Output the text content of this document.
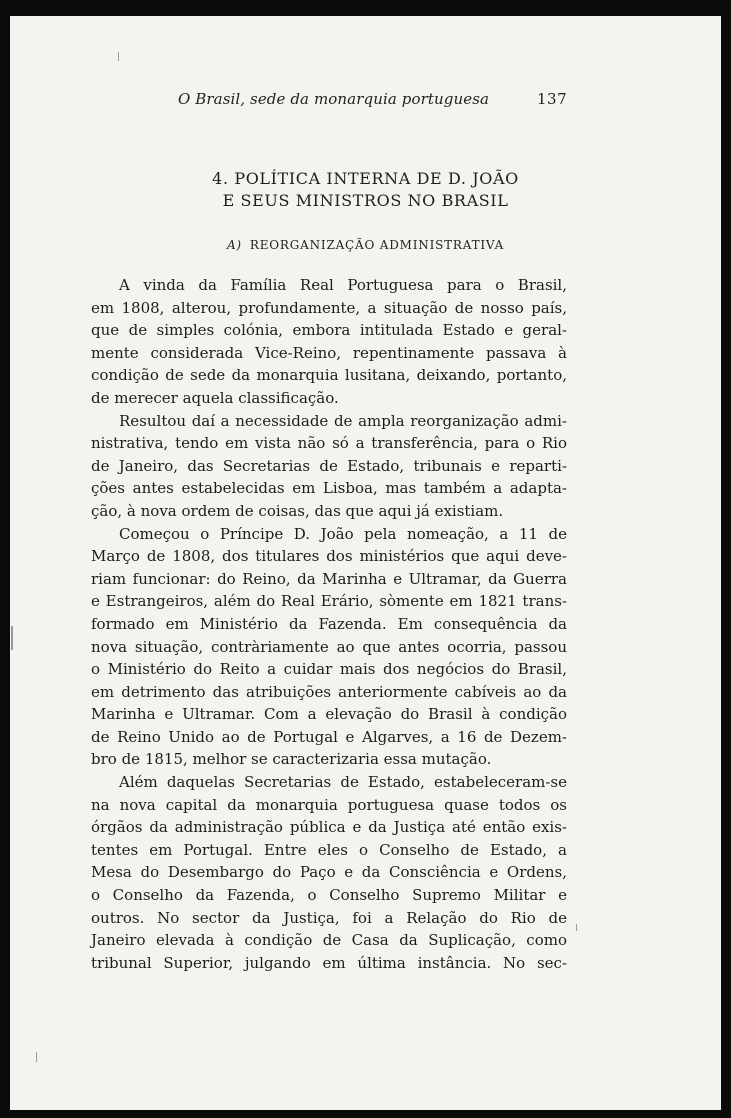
O Brasil, sede da monarquia portuguesa	137
4. POLÍTICA INTERNA DE D. JOÃO
E SEUS MINISTROS NO BRASIL
A) REORGANIZAÇÃO ADMINISTRATIVA
A vinda da Família Real Portuguesa para o Brasil,
em 1808, alterou, profundamente, a situação de nosso país,
que de simples colónia, embora intitulada Estado e geral-
mente considerada Vice-Reino, repentinamente passava à
condição de sede da monarquia lusitana, deixando, portanto,
de merecer aquela classificação.
Resultou daí a necessidade de ampla reorganização admi-
nistrativa, tendo em vista não só a transferência, para o Rio
de Janeiro, das Secretarias de Estado, tribunais e reparti-
ções antes estabelecidas em Lisboa, mas também a adapta-
ção, à nova ordem de coisas, das que aqui já existiam.
Começou o Príncipe D. João pela nomeação, a 11 de
Março de 1808, dos titulares dos ministérios que aqui deve-
riam funcionar: do Reino, da Marinha e Ultramar, da Guerra
e Estrangeiros, além do Real Erário, sòmente em 1821 trans-
formado em Ministério da Fazenda. Em consequência da
nova situação, contràriamente ao que antes ocorria, passou
o Ministério do Reito a cuidar mais dos negócios do Brasil,
em detrimento das atribuições anteriormente cabíveis ao da
Marinha e Ultramar. Com a elevação do Brasil à condição
de Reino Unido ao de Portugal e Algarves, a 16 de Dezem-
bro de 1815, melhor se caracterizaria essa mutação.
Além daquelas Secretarias de Estado, estabeleceram-se
na nova capital da monarquia portuguesa quase todos os
órgãos da administração pública e da Justiça até então exis-
tentes em Portugal. Entre eles o Conselho de Estado, a
Mesa do Desembargo do Paço e da Consciência e Ordens,
o Conselho da Fazenda, o Conselho Supremo Militar e
outros. No sector da Justiça, foi a Relação do Rio de
Janeiro elevada à condição de Casa da Suplicação, como
tribunal Superior, julgando em última instância. No sec-
